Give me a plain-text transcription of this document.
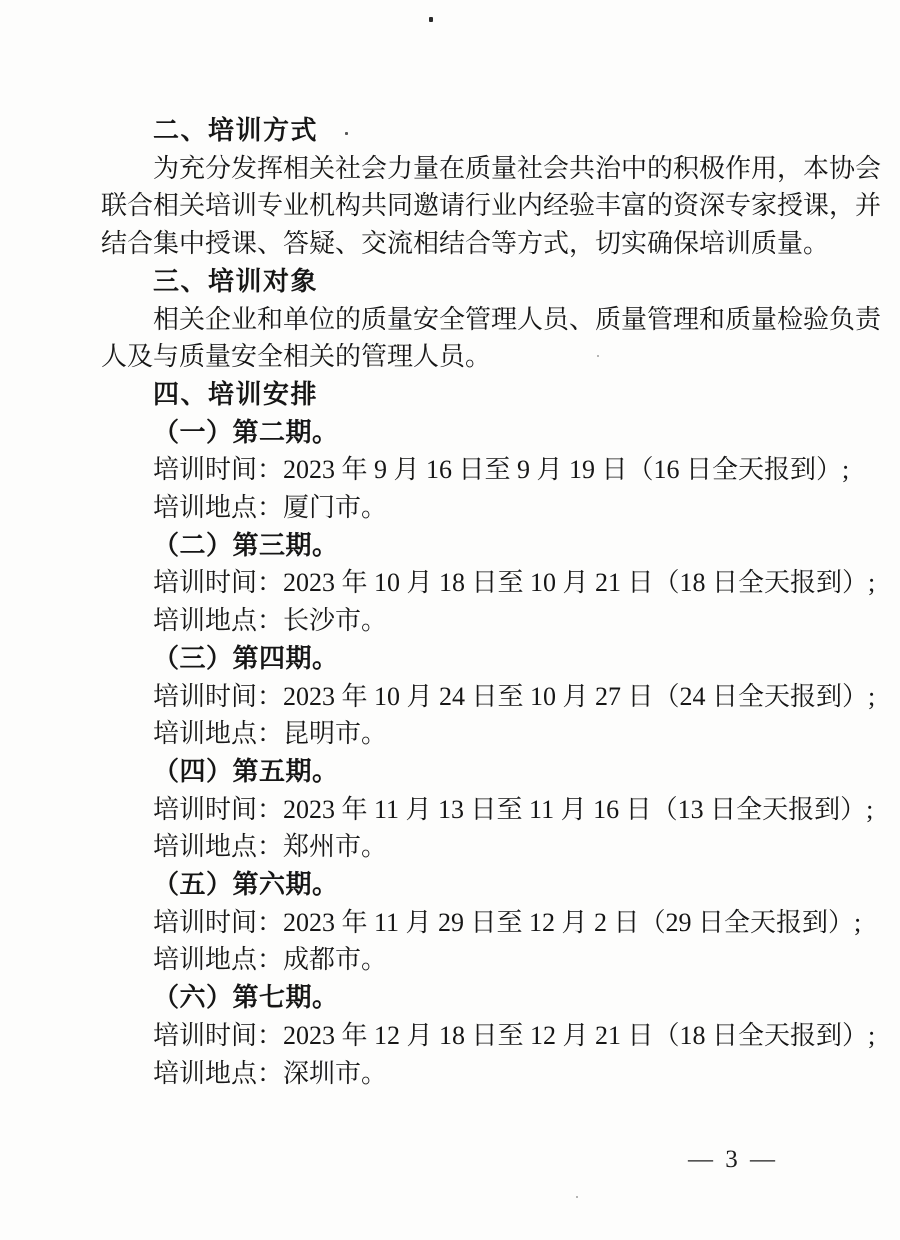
二、培训方式
为充分发挥相关社会力量在质量社会共治中的积极作用，本协会
联合相关培训专业机构共同邀请行业内经验丰富的资深专家授课，并
结合集中授课、答疑、交流相结合等方式，切实确保培训质量。
三、培训对象
相关企业和单位的质量安全管理人员、质量管理和质量检验负责
人及与质量安全相关的管理人员。
四、培训安排
（一）第二期。
培训时间：2023 年 9 月 16 日至 9 月 19 日（16 日全天报到）;
培训地点：厦门市。
（二）第三期。
培训时间：2023 年 10 月 18 日至 10 月 21 日（18 日全天报到）;
培训地点：长沙市。
（三）第四期。
培训时间：2023 年 10 月 24 日至 10 月 27 日（24 日全天报到）;
培训地点：昆明市。
（四）第五期。
培训时间：2023 年 11 月 13 日至 11 月 16 日（13 日全天报到）;
培训地点：郑州市。
（五）第六期。
培训时间：2023 年 11 月 29 日至 12 月 2 日（29 日全天报到）;
培训地点：成都市。
（六）第七期。
培训时间：2023 年 12 月 18 日至 12 月 21 日（18 日全天报到）;
培训地点：深圳市。
— 3 —
